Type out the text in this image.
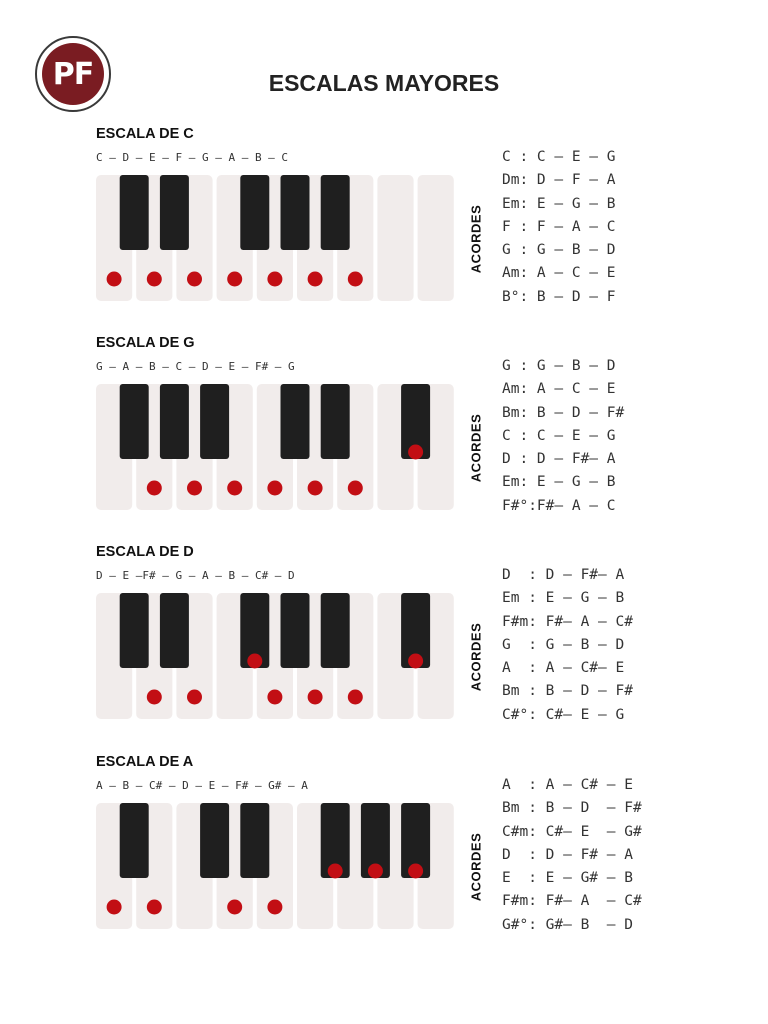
PF	ESCALAS MAYORES
ESCALA DE C
C – D – E – F – G – A – B – C
ACORDES
C : C – E – G
Dm: D – F – A
Em: E – G – B
F : F – A – C
G : G – B – D
Am: A – C – E
B°: B – D – F
ESCALA DE G
G – A – B – C – D – E – F# – G
ACORDES
G : G – B – D
Am: A – C – E
Bm: B – D – F#
C : C – E – G
D : D – F#– A
Em: E – G – B
F#°:F#– A – C
ESCALA DE D
D – E –F# – G – A – B – C# – D
ACORDES
D  : D – F#– A
Em : E – G – B
F#m: F#– A – C#
G  : G – B – D
A  : A – C#– E
Bm : B – D – F#
C#°: C#– E – G
ESCALA DE A
A – B – C# – D – E – F# – G# – A
ACORDES
A  : A – C# – E
Bm : B – D  – F#
C#m: C#– E  – G#
D  : D – F# – A
E  : E – G# – B
F#m: F#– A  – C#
G#°: G#– B  – D
